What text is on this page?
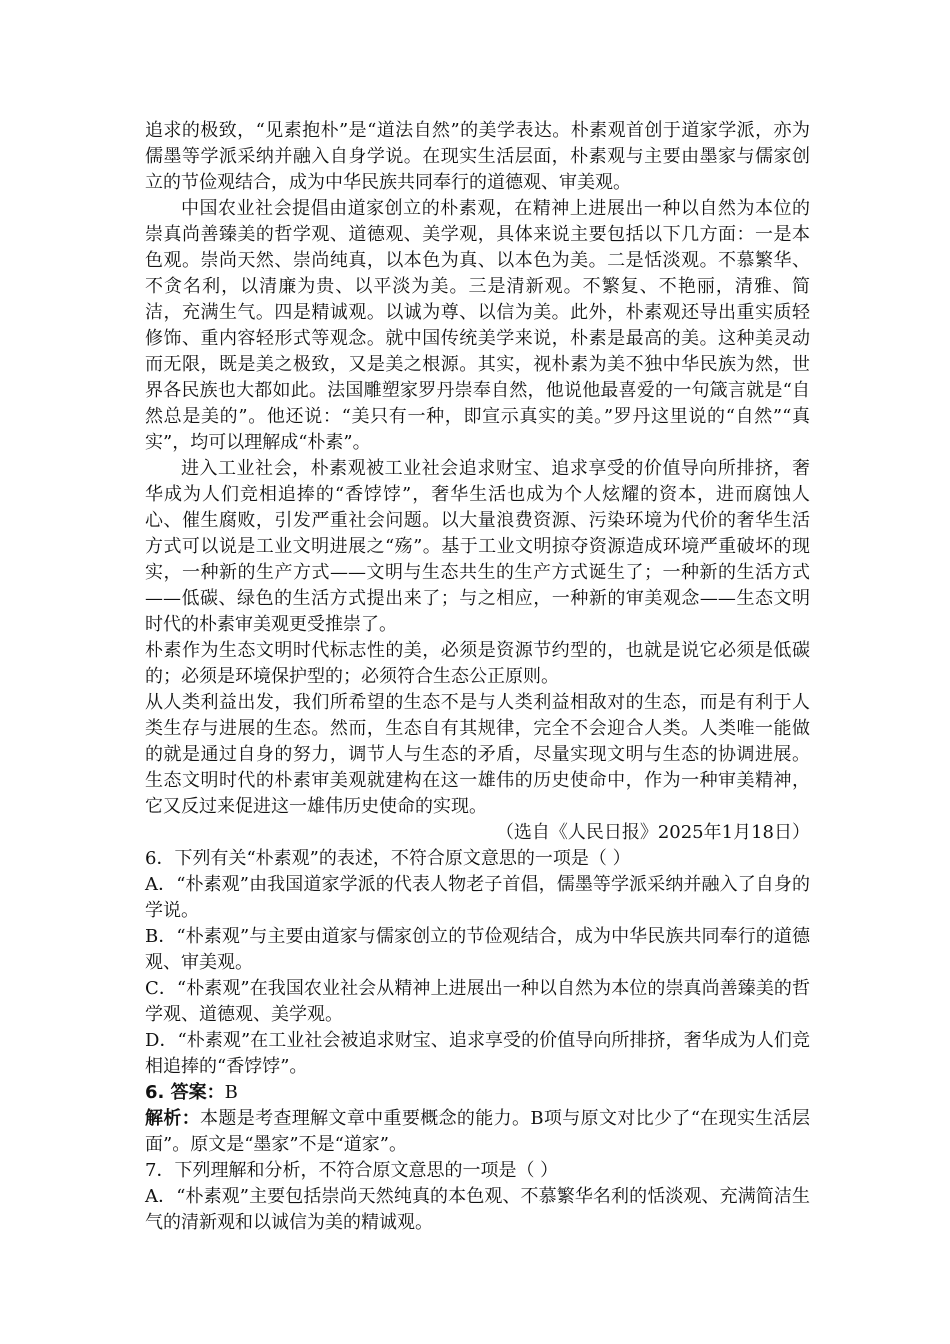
追求的极致，“见素抱朴”是“道法自然”的美学表达。朴素观首创于道家学派，亦为儒墨等学派采纳并融入自身学说。在现实生活层面，朴素观与主要由墨家与儒家创立的节俭观结合，成为中华民族共同奉行的道德观、审美观。

中国农业社会提倡由道家创立的朴素观，在精神上进展出一种以自然为本位的崇真尚善臻美的哲学观、道德观、美学观，具体来说主要包括以下几方面：一是本色观。崇尚天然、崇尚纯真，以本色为真、以本色为美。二是恬淡观。不慕繁华、不贪名利，以清廉为贵、以平淡为美。三是清新观。不繁复、不艳丽，清雅、简洁，充满生气。四是精诚观。以诚为尊、以信为美。此外，朴素观还导出重实质轻修饰、重内容轻形式等观念。就中国传统美学来说，朴素是最高的美。这种美灵动而无限，既是美之极致，又是美之根源。其实，视朴素为美不独中华民族为然，世界各民族也大都如此。法国雕塑家罗丹崇奉自然，他说他最喜爱的一句箴言就是“自然总是美的”。他还说：“美只有一种，即宣示真实的美。”罗丹这里说的“自然”“真实”，均可以理解成“朴素”。

进入工业社会，朴素观被工业社会追求财宝、追求享受的价值导向所排挤，奢华成为人们竞相追捧的“香饽饽”，奢华生活也成为个人炫耀的资本，进而腐蚀人心、催生腐败，引发严重社会问题。以大量浪费资源、污染环境为代价的奢华生活方式可以说是工业文明进展之“殇”。基于工业文明掠夺资源造成环境严重破坏的现实，一种新的生产方式——文明与生态共生的生产方式诞生了；一种新的生活方式——低碳、绿色的生活方式提出来了；与之相应，一种新的审美观念——生态文明时代的朴素审美观更受推崇了。

朴素作为生态文明时代标志性的美，必须是资源节约型的，也就是说它必须是低碳的；必须是环境保护型的；必须符合生态公正原则。

从人类利益出发，我们所希望的生态不是与人类利益相敌对的生态，而是有利于人类生存与进展的生态。然而，生态自有其规律，完全不会迎合人类。人类唯一能做的就是通过自身的努力，调节人与生态的矛盾，尽量实现文明与生态的协调进展。生态文明时代的朴素审美观就建构在这一雄伟的历史使命中，作为一种审美精神，它又反过来促进这一雄伟历史使命的实现。

（选自《人民日报》2025年1月18日）

6．下列有关“朴素观”的表述，不符合原文意思的一项是（ ）

A．“朴素观”由我国道家学派的代表人物老子首倡，儒墨等学派采纳并融入了自身的学说。

B．“朴素观”与主要由道家与儒家创立的节俭观结合，成为中华民族共同奉行的道德观、审美观。

C．“朴素观”在我国农业社会从精神上进展出一种以自然为本位的崇真尚善臻美的哲学观、道德观、美学观。

D．“朴素观”在工业社会被追求财宝、追求享受的价值导向所排挤，奢华成为人们竞相追捧的“香饽饽”。

6. 答案：B

解析：本题是考查理解文章中重要概念的能力。B项与原文对比少了“在现实生活层面”。原文是“墨家”不是“道家”。

7．下列理解和分析，不符合原文意思的一项是（ ）

A．“朴素观”主要包括崇尚天然纯真的本色观、不慕繁华名利的恬淡观、充满简洁生气的清新观和以诚信为美的精诚观。
